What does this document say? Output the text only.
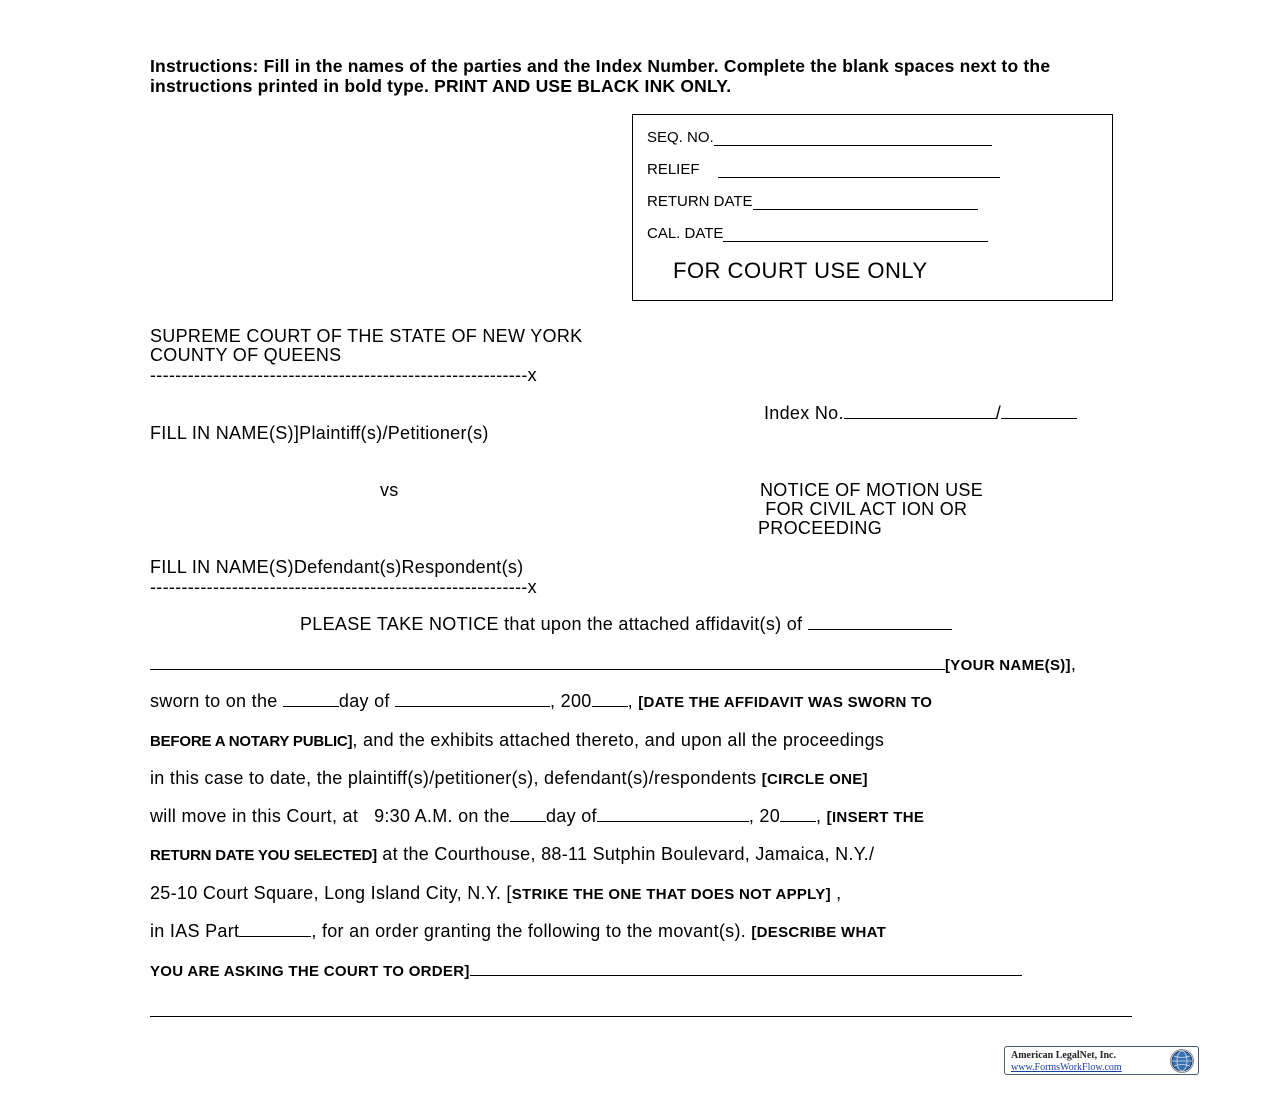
Instructions: Fill in the names of the parties and the Index Number. Complete the blank spaces next to the instructions printed in bold type. PRINT AND USE BLACK INK ONLY.
SEQ. NO.
RELIEF
RETURN DATE
CAL. DATE
FOR COURT USE ONLY
SUPREME COURT OF THE STATE OF NEW YORK
COUNTY OF QUEENS
------------------------------------------------------------x
Index No.	/
FILL IN NAME(S)]Plaintiff(s)/Petitioner(s)
vs	NOTICE OF MOTION USE
FOR CIVIL ACT ION OR
PROCEEDING
FILL IN NAME(S)Defendant(s)Respondent(s)
------------------------------------------------------------x
PLEASE TAKE NOTICE that upon the attached affidavit(s) of
[YOUR NAME(S)],
sworn to on the	day of	, 200 , [DATE THE AFFIDAVIT WAS SWORN TO
BEFORE A NOTARY PUBLIC], and the exhibits attached thereto, and upon all the proceedings
in this case to date, the plaintiff(s)/petitioner(s), defendant(s)/respondents [CIRCLE ONE]
will move in this Court, at   9:30 A.M. on the day of	, 20 , [INSERT THE
RETURN DATE YOU SELECTED] at the Courthouse, 88-11 Sutphin Boulevard, Jamaica, N.Y./
25-10 Court Square, Long Island City, N.Y. [STRIKE THE ONE THAT DOES NOT APPLY] ,
in IAS Part	, for an order granting the following to the movant(s). [DESCRIBE WHAT
YOU ARE ASKING THE COURT TO ORDER]
American LegalNet, Inc.
www.FormsWorkFlow.com
